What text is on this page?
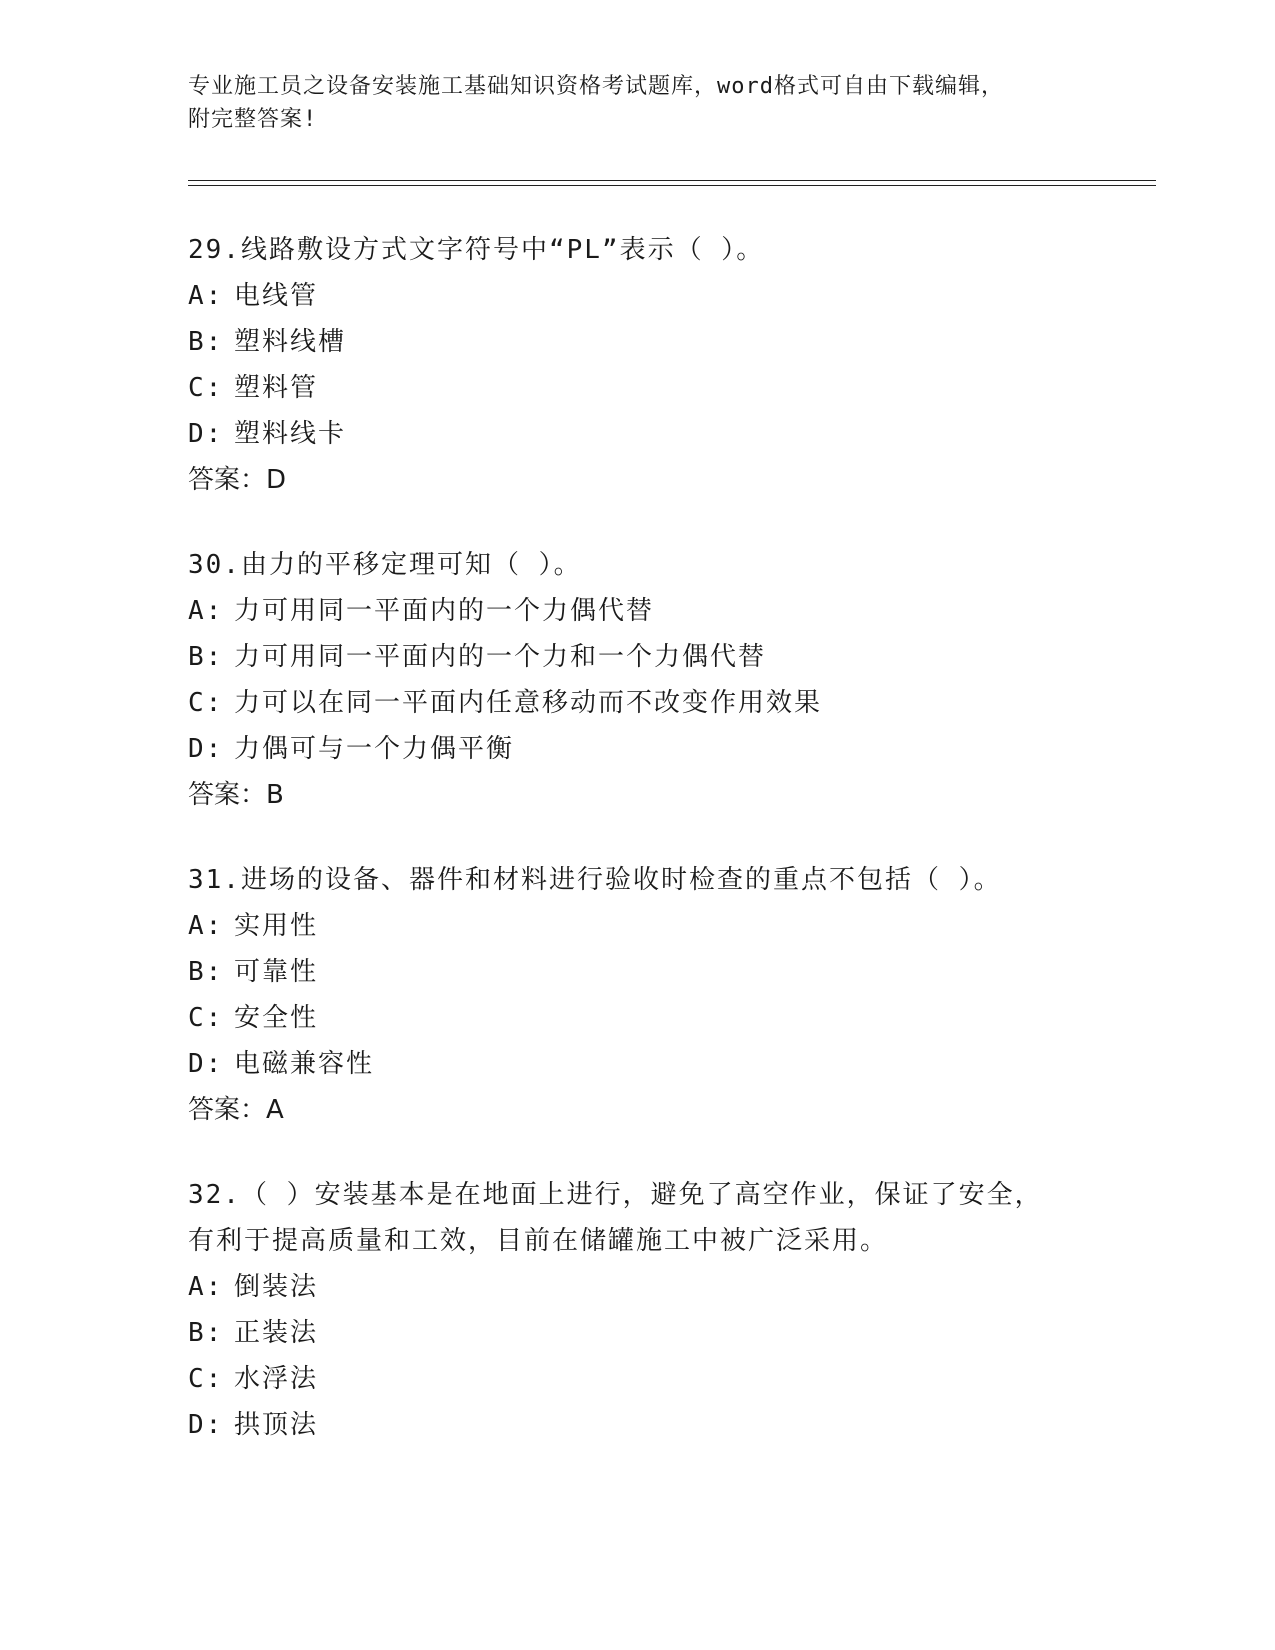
专业施工员之设备安装施工基础知识资格考试题库，word格式可自由下载编辑，
附完整答案!
29.线路敷设方式文字符号中“PL”表示（ ）。
A: 电线管
B: 塑料线槽
C: 塑料管
D: 塑料线卡
答案：D
30.由力的平移定理可知（ ）。
A: 力可用同一平面内的一个力偶代替
B: 力可用同一平面内的一个力和一个力偶代替
C: 力可以在同一平面内任意移动而不改变作用效果
D: 力偶可与一个力偶平衡
答案：B
31.进场的设备、器件和材料进行验收时检查的重点不包括（ ）。
A: 实用性
B: 可靠性
C: 安全性
D: 电磁兼容性
答案：A
32.（ ）安装基本是在地面上进行，避免了高空作业，保证了安全，有利于提高质量和工效，目前在储罐施工中被广泛采用。
A: 倒装法
B: 正装法
C: 水浮法
D: 拱顶法
